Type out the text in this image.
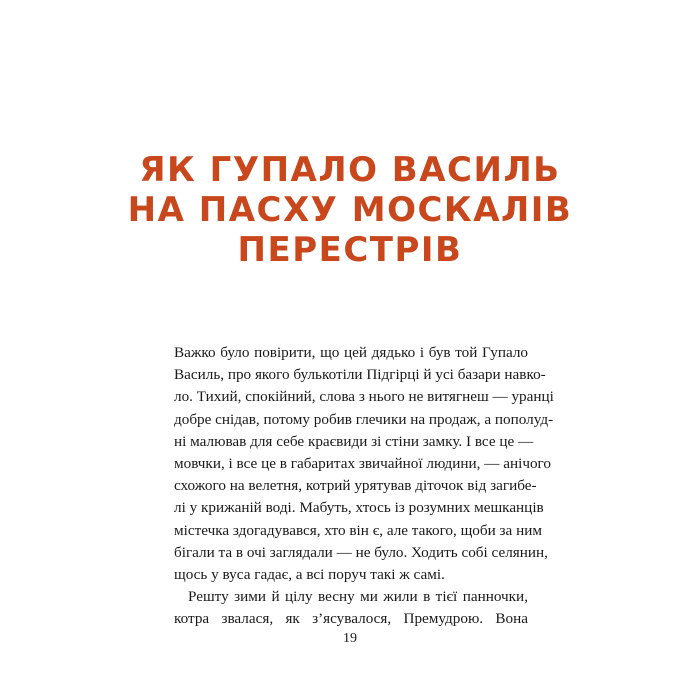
ЯК ГУПАЛО ВАСИЛЬ
НА ПАСХУ МОСКАЛІВ
ПЕРЕСТРІВ
Важко було повірити, що цей дядько і був той Гупало
Василь, про якого булькотіли Підгірці й усі базари навко-
ло. Тихий, спокійний, слова з нього не витягнеш — уранці
добре снідав, потому робив глечики на продаж, а пополуд-
ні малював для себе краєвиди зі стіни замку. І все це —
мовчки, і все це в габаритах звичайної людини, — анічого
схожого на велетня, котрий урятував діточок від загибе-
лі у крижаній воді. Мабуть, хтось із розумних мешканців
містечка здогадувався, хто він є, але такого, щоби за ним
бігали та в очі заглядали — не було. Ходить собі селянин,
щось у вуса гадає, а всі поруч такі ж самі.
Решту зими й цілу весну ми жили в тієї панночки,
котра звалася, як з’ясувалося, Премудрою. Вона
19
